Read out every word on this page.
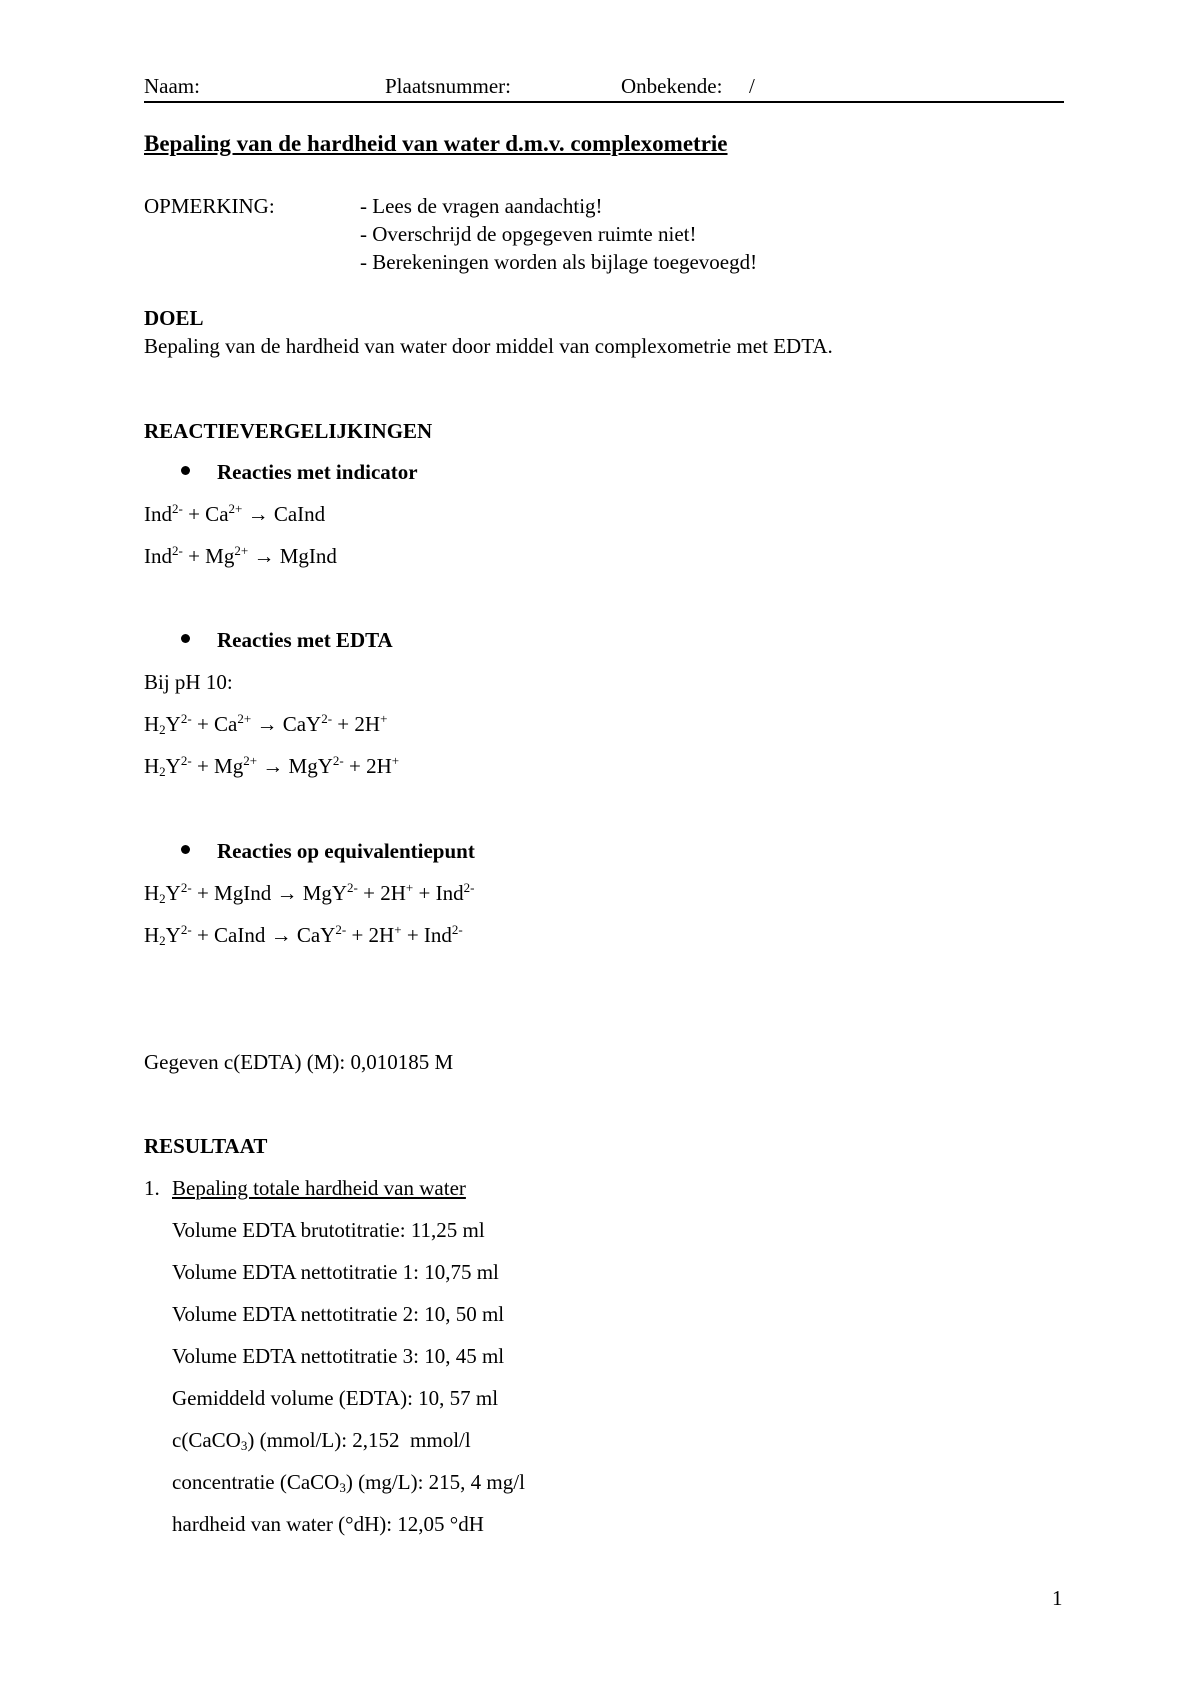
Naam:	Plaatsnummer:	Onbekende: /
Bepaling van de hardheid van water d.m.v. complexometrie
OPMERKING:	- Lees de vragen aandachtig!
- Overschrijd de opgegeven ruimte niet!
- Berekeningen worden als bijlage toegevoegd!
DOEL
Bepaling van de hardheid van water door middel van complexometrie met EDTA.
REACTIEVERGELIJKINGEN
Reacties met indicator
$Ind^{2-} + Ca^{2+}$ → CaInd
$Ind^{2-} + Mg^{2+}$ → MgInd
Reacties met EDTA
Bij pH 10:
$H_2Y^{2-} + Ca^{2+} \to CaY^{2-} + 2H^+$
$H_2Y^{2-} + Mg^{2+} \to MgY^{2-} + 2H^+$
Reacties op equivalentiepunt
$H_2Y^{2-}$ + MgInd → MgY$^{2-}$ + 2H+ + Ind$^{2-}$
$H_2Y^{2-}$ + CaInd → CaY$^{2-}$ + 2H+ + Ind$^{2-}$
Gegeven c(EDTA) (M): 0,010185 M
RESULTAAT
1. Bepaling totale hardheid van water
Volume EDTA brutotitratie: 11,25 ml
Volume EDTA nettotitratie 1: 10,75 ml
Volume EDTA nettotitratie 2: 10, 50 ml
Volume EDTA nettotitratie 3: 10, 45 ml
Gemiddeld volume (EDTA): 10, 57 ml
c(CaCO$_3$) (mmol/L): 2,152  mmol/l
concentratie (CaCO$_3$) (mg/L): 215, 4 mg/l
hardheid van water (°dH): 12,05 °dH
1
